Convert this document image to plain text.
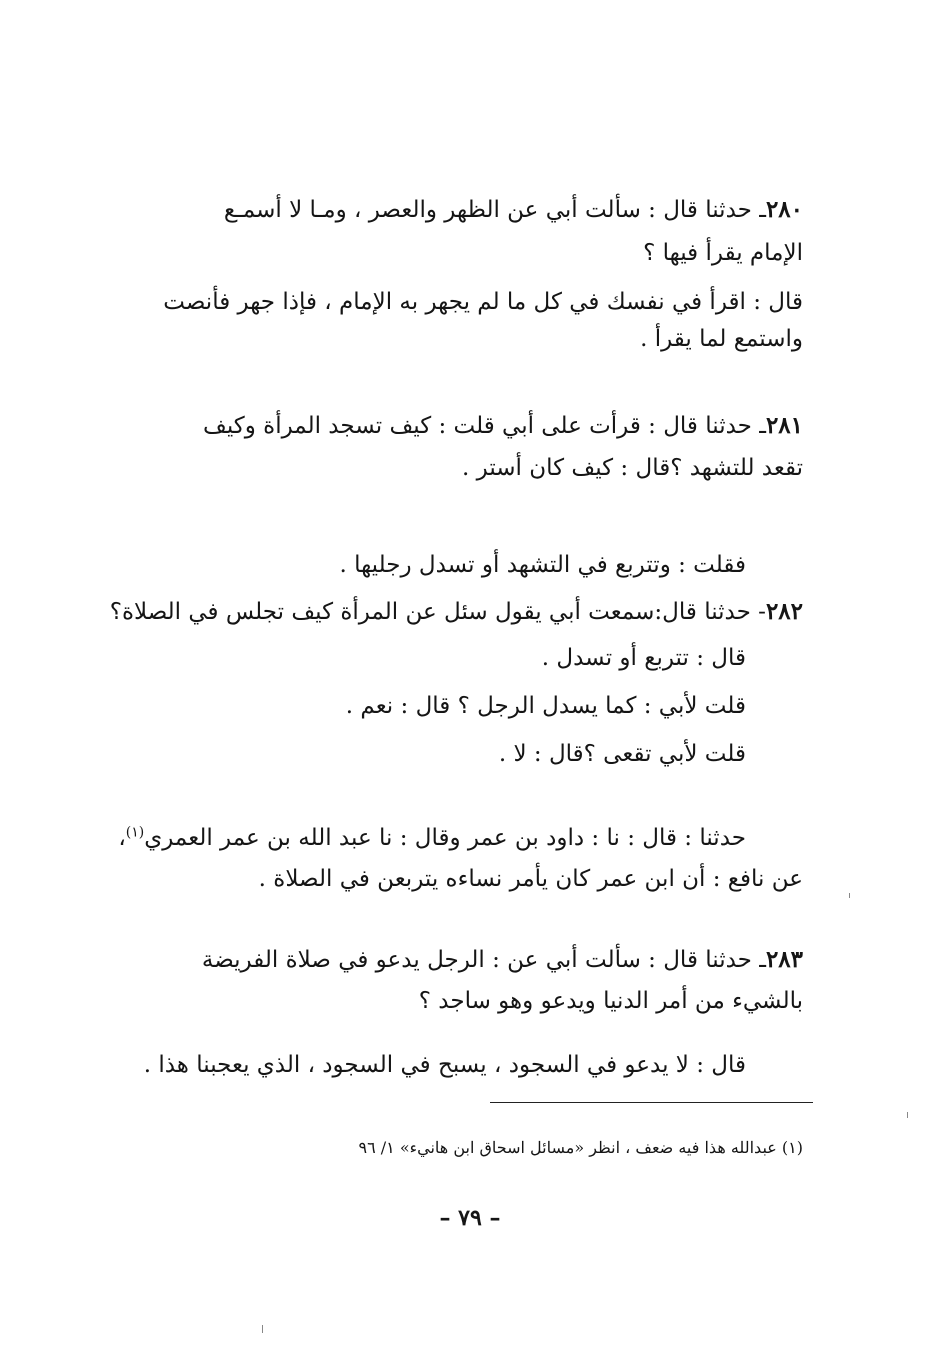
٢٨٠ـ حدثنا قال : سألت أبي عن الظهر والعصر ، ومـا لا أسمـع
الإمام يقرأ فيها ؟
قال : اقرأ في نفسك في كل ما لم يجهر به الإمام ، فإذا جهر فأنصت
واستمع لما يقرأ .
٢٨١ـ حدثنا قال : قرأت على أبي قلت : كيف تسجد المرأة وكيف
تقعد للتشهد ؟قال : كيف كان أستر .
فقلت : وتتربع في التشهد أو تسدل رجليها .
٢٨٢- حدثنا قال:سمعت أبي يقول سئل عن المرأة كيف تجلس في الصلاة؟
قال : تتربع أو تسدل .
قلت لأبي : كما يسدل الرجل ؟ قال : نعم .
قلت لأبي تقعى ؟قال : لا .
حدثنا : قال : نا : داود بن عمر وقال : نا عبد الله بن عمر العمري$^{(١)}$،
عن نافع : أن ابن عمر كان يأمر نساءه يتربعن في الصلاة .
٢٨٣ـ حدثنا قال : سألت أبي عن : الرجل يدعو في صلاة الفريضة
بالشيء من أمر الدنيا ويدعو وهو ساجد ؟
قال : لا يدعو في السجود ، يسبح في السجود ، الذي يعجبنا هذا .
(١) عبدالله هذا فيه ضعف ، انظر «مسائل اسحاق ابن هانيء» ١/ ٩٦
– ٧٩ –
